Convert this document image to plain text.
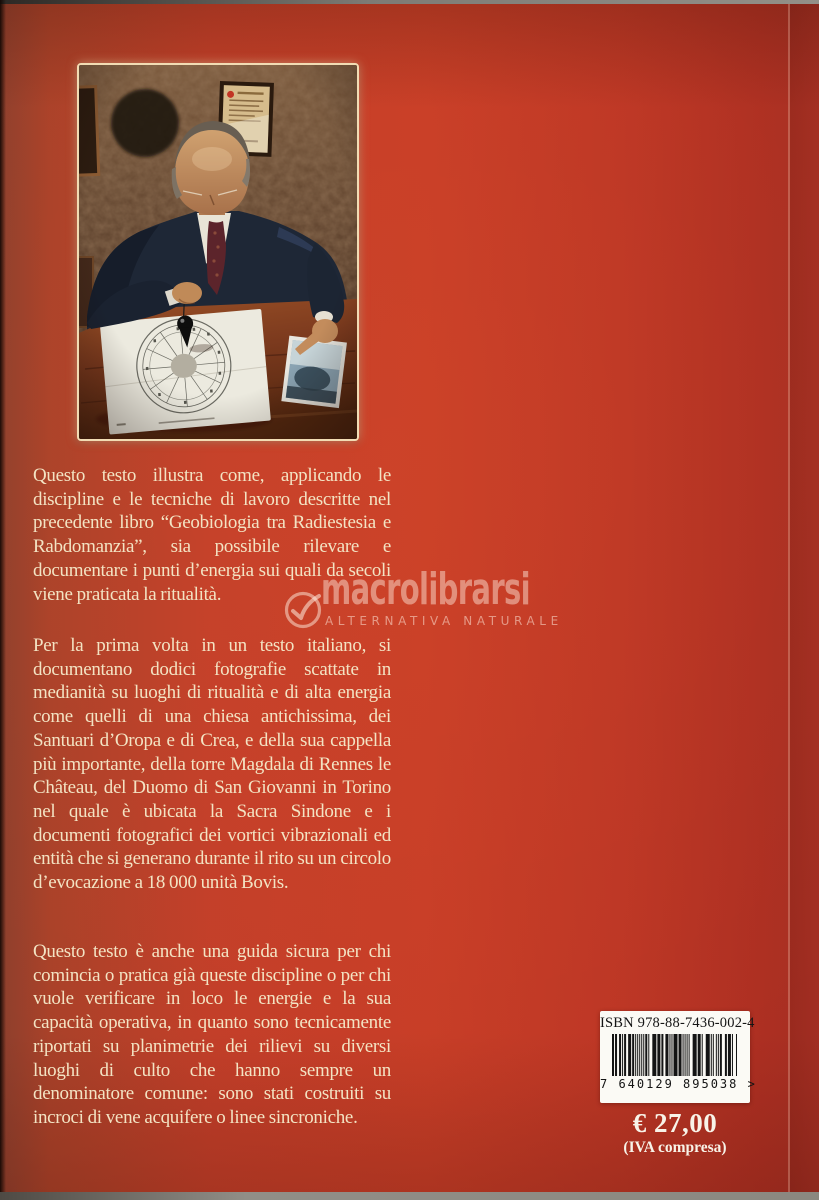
Questo testo illustra come, applicando le discipline e le tecniche di lavoro descritte nel precedente libro “Geobiologia tra Radiestesia e Rabdomanzia”, sia possibile rilevare e documentare i punti d’energia sui quali da secoli viene praticata la ritualità.

Per la prima volta in un testo italiano, si documentano dodici fotografie scattate in medianità su luoghi di ritualità e di alta energia come quelli di una chiesa antichissima, dei Santuari d’Oropa e di Crea, e della sua cappella più importante, della torre Magdala di Rennes le Château, del Duomo di San Giovanni in Torino nel quale è ubicata la Sacra Sindone e i documenti fotografici dei vortici vibrazionali ed entità che si generano durante il rito su un circolo d’evocazione a 18 000 unità Bovis.

Questo testo è anche una guida sicura per chi comincia o pratica già queste discipline o per chi vuole verificare in loco le energie e la sua capacità operativa, in quanto sono tecnicamente riportati su planimetrie dei rilievi su diversi luoghi di culto che hanno sempre un denominatore comune: sono stati costruiti su incroci di vene acquifere o linee sincroniche.

macrolibrarsi
ALTERNATIVA NATURALE
ISBN 978-88-7436-002-4
7 640129 895038 >
€ 27,00
(IVA compresa)
